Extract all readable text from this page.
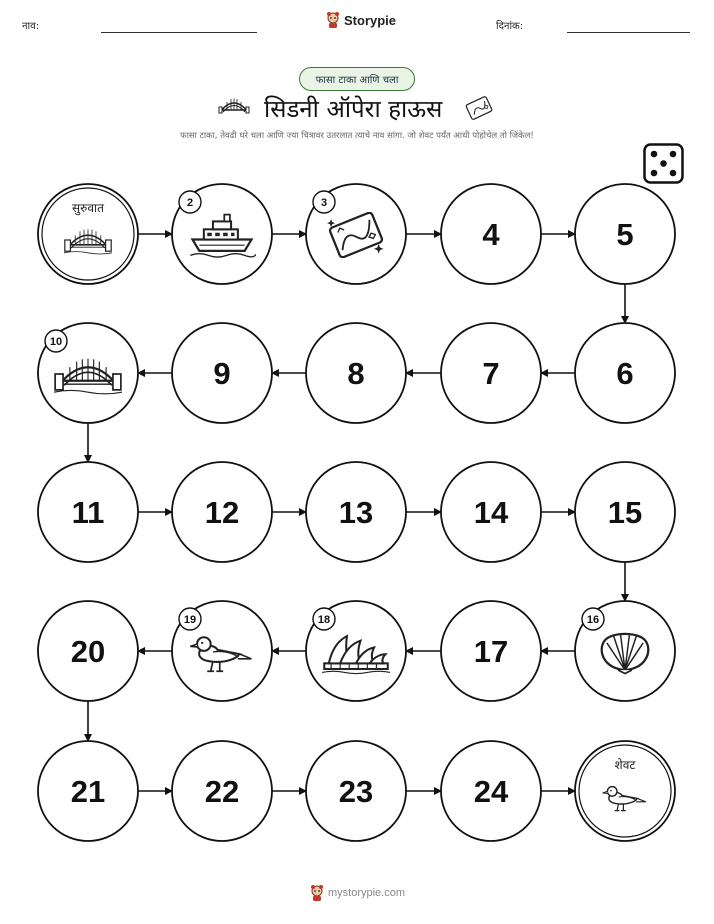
नाव:	Storypie	दिनांक:
फासा टाका आणि चला
सिडनी ऑपेरा हाऊस
फासा टाका, तेवढी घरे चला आणि ज्या चित्रावर उतरलात त्याचे नाव सांगा. जो शेवट पर्यंत आधी पोहोचेल तो जिंकेल!
सुरुवात	2	3
4	5
6
7
8
9
10
11	12	13	14	15
16
17
18
19
20
21	22	23	24
शेवट
mystorypie.com
